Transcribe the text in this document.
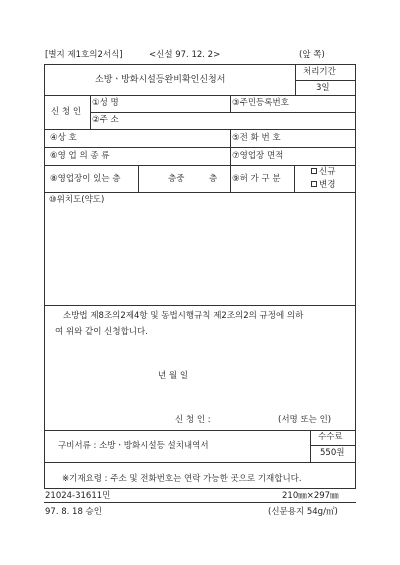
[별지 제1호의2서식]	<신설 97. 12. 2>	(앞 쪽)
소방ㆍ방화시설등완비확인신청서
처리기간
3일
신 청 인
①성 명	③주민등록번호
②주 소
④상 호	⑤전 화 번 호
⑥영 업 의 종 류	⑦영업장 면적
⑧영업장이 있는 층	층중	층 ⑨허 가 구 분
신규
변경
⑩위치도(약도)
소방법 제8조의2제4항 및 동법시행규칙 제2조의2의 규정에 의하
여 위와 같이 신청합니다.
년 월 일
신 청 인 :	(서명 또는 인)
구비서류 : 소방ㆍ방화시설등 설치내역서
수수료
550원
※기재요령 : 주소 및 전화번호는 연락 가능한 곳으로 기재합니다.
21024-31611민	210㎜×297㎜
97. 8. 18 승인	(신문용지 54g/㎡)
